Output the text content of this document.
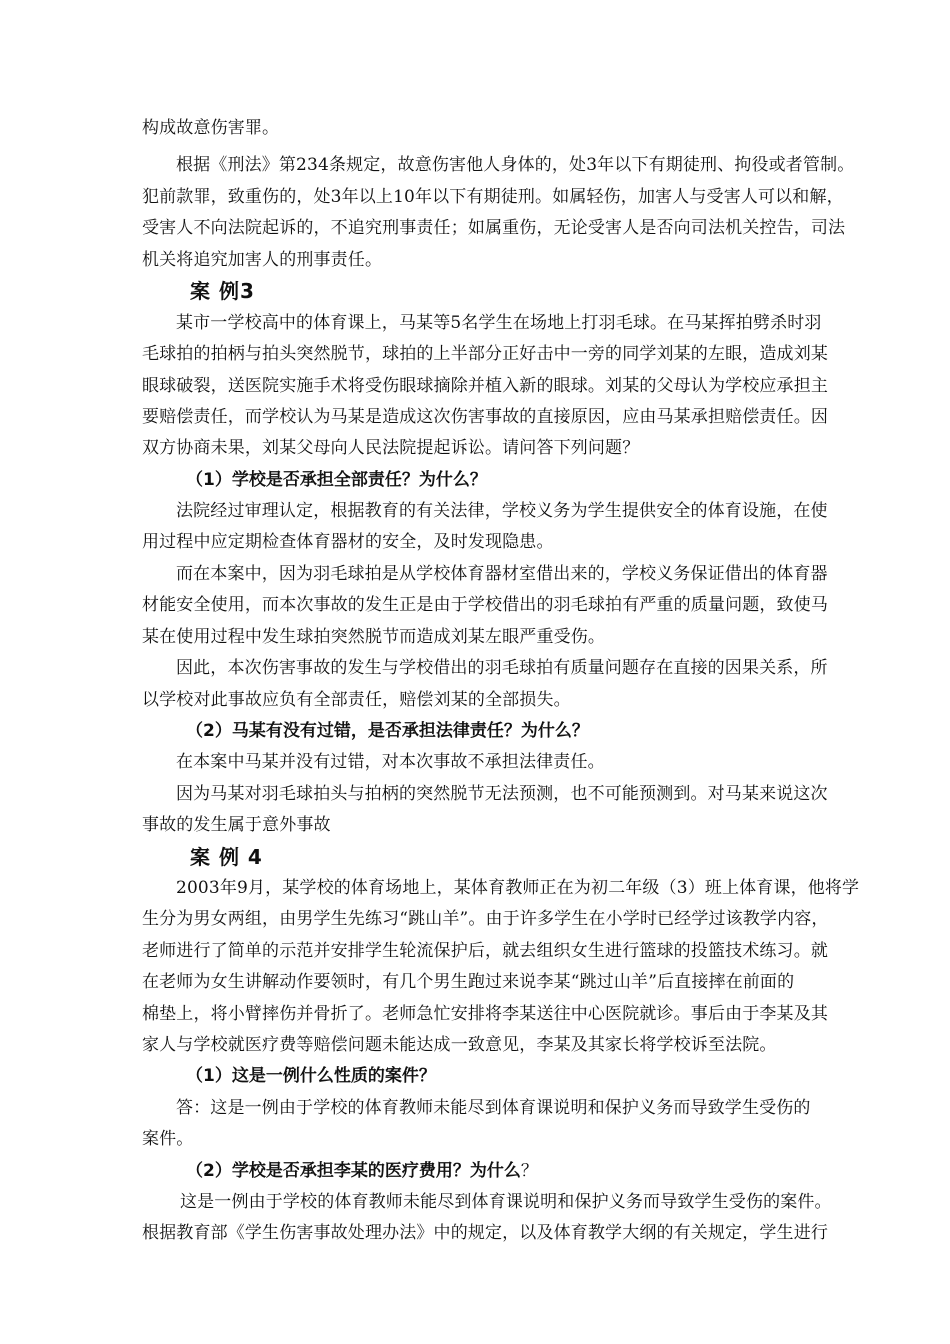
构成故意伤害罪。
根据《刑法》第234条规定，故意伤害他人身体的，处3年以下有期徒刑、拘役或者管制。
犯前款罪，致重伤的，处3年以上10年以下有期徒刑。如属轻伤，加害人与受害人可以和解，
受害人不向法院起诉的，不追究刑事责任；如属重伤，无论受害人是否向司法机关控告，司法
机关将追究加害人的刑事责任。
案 例3
某市一学校高中的体育课上，马某等5名学生在场地上打羽毛球。在马某挥拍劈杀时羽
毛球拍的拍柄与拍头突然脱节，球拍的上半部分正好击中一旁的同学刘某的左眼，造成刘某
眼球破裂，送医院实施手术将受伤眼球摘除并植入新的眼球。刘某的父母认为学校应承担主
要赔偿责任，而学校认为马某是造成这次伤害事故的直接原因，应由马某承担赔偿责任。因
双方协商未果，刘某父母向人民法院提起诉讼。请问答下列问题？
（1）学校是否承担全部责任？为什么？
法院经过审理认定，根据教育的有关法律，学校义务为学生提供安全的体育设施，在使
用过程中应定期检查体育器材的安全，及时发现隐患。
而在本案中，因为羽毛球拍是从学校体育器材室借出来的，学校义务保证借出的体育器
材能安全使用，而本次事故的发生正是由于学校借出的羽毛球拍有严重的质量问题，致使马
某在使用过程中发生球拍突然脱节而造成刘某左眼严重受伤。
因此，本次伤害事故的发生与学校借出的羽毛球拍有质量问题存在直接的因果关系，所
以学校对此事故应负有全部责任，赔偿刘某的全部损失。
（2）马某有没有过错，是否承担法律责任？为什么？
在本案中马某并没有过错，对本次事故不承担法律责任。
因为马某对羽毛球拍头与拍柄的突然脱节无法预测，也不可能预测到。对马某来说这次
事故的发生属于意外事故
案 例 4
2003年9月，某学校的体育场地上，某体育教师正在为初二年级（3）班上体育课，他将学
生分为男女两组，由男学生先练习“跳山羊”。由于许多学生在小学时已经学过该教学内容，
老师进行了简单的示范并安排学生轮流保护后，就去组织女生进行篮球的投篮技术练习。就
在老师为女生讲解动作要领时，有几个男生跑过来说李某“跳过山羊”后直接摔在前面的
棉垫上，将小臂摔伤并骨折了。老师急忙安排将李某送往中心医院就诊。事后由于李某及其
家人与学校就医疗费等赔偿问题未能达成一致意见，李某及其家长将学校诉至法院。
（1）这是一例什么性质的案件？
答：这是一例由于学校的体育教师未能尽到体育课说明和保护义务而导致学生受伤的
案件。
（2）学校是否承担李某的医疗费用？为什么？
这是一例由于学校的体育教师未能尽到体育课说明和保护义务而导致学生受伤的案件。
根据教育部《学生伤害事故处理办法》中的规定，以及体育教学大纲的有关规定，学生进行
